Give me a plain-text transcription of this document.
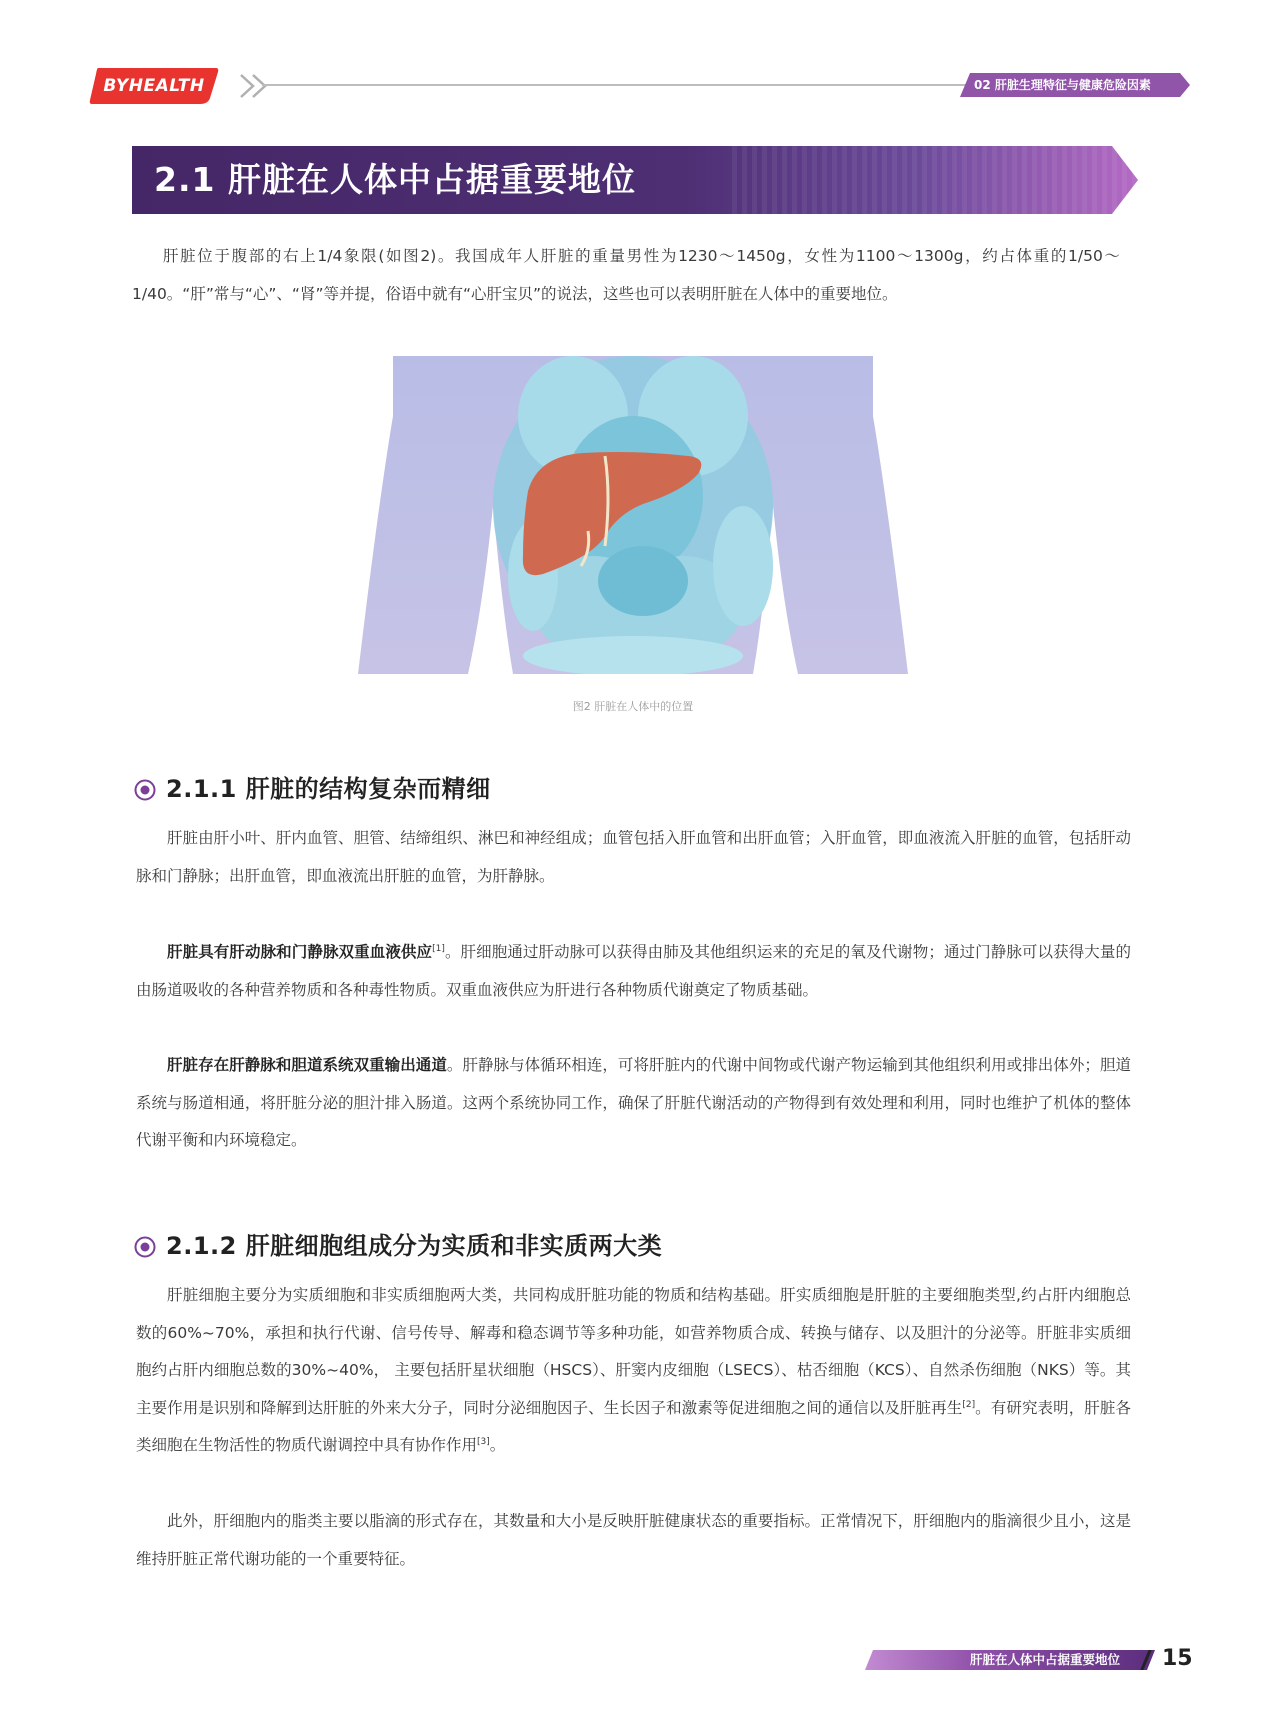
BYHEALTH	02 肝脏生理特征与健康危险因素
2.1 肝脏在人体中占据重要地位
肝脏位于腹部的右上1/4象限(如图2)。我国成年人肝脏的重量男性为1230～1450g，女性为1100～1300g，约占体重的1/50～1/40。“肝”常与“心”、“肾”等并提，俗语中就有“心肝宝贝”的说法，这些也可以表明肝脏在人体中的重要地位。
图2 肝脏在人体中的位置
2.1.1 肝脏的结构复杂而精细
肝脏由肝小叶、肝内血管、胆管、结缔组织、淋巴和神经组成；血管包括入肝血管和出肝血管；入肝血管，即血液流入肝脏的血管，包括肝动脉和门静脉；出肝血管，即血液流出肝脏的血管，为肝静脉。
肝脏具有肝动脉和门静脉双重血液供应[1]。肝细胞通过肝动脉可以获得由肺及其他组织运来的充足的氧及代谢物；通过门静脉可以获得大量的由肠道吸收的各种营养物质和各种毒性物质。双重血液供应为肝进行各种物质代谢奠定了物质基础。
肝脏存在肝静脉和胆道系统双重输出通道。肝静脉与体循环相连，可将肝脏内的代谢中间物或代谢产物运输到其他组织利用或排出体外；胆道系统与肠道相通，将肝脏分泌的胆汁排入肠道。这两个系统协同工作，确保了肝脏代谢活动的产物得到有效处理和利用，同时也维护了机体的整体代谢平衡和内环境稳定。
2.1.2 肝脏细胞组成分为实质和非实质两大类
肝脏细胞主要分为实质细胞和非实质细胞两大类，共同构成肝脏功能的物质和结构基础。肝实质细胞是肝脏的主要细胞类型,约占肝内细胞总数的60%~70%，承担和执行代谢、信号传导、解毒和稳态调节等多种功能，如营养物质合成、转换与储存、以及胆汁的分泌等。肝脏非实质细胞约占肝内细胞总数的30%~40%， 主要包括肝星状细胞（HSCS）、肝窦内皮细胞（LSECS）、枯否细胞（KCS）、自然杀伤细胞（NKS）等。其主要作用是识别和降解到达肝脏的外来大分子，同时分泌细胞因子、生长因子和激素等促进细胞之间的通信以及肝脏再生[2]。有研究表明，肝脏各类细胞在生物活性的物质代谢调控中具有协作作用[3]。
此外，肝细胞内的脂类主要以脂滴的形式存在，其数量和大小是反映肝脏健康状态的重要指标。正常情况下，肝细胞内的脂滴很少且小，这是维持肝脏正常代谢功能的一个重要特征。
肝脏在人体中占据重要地位 15
